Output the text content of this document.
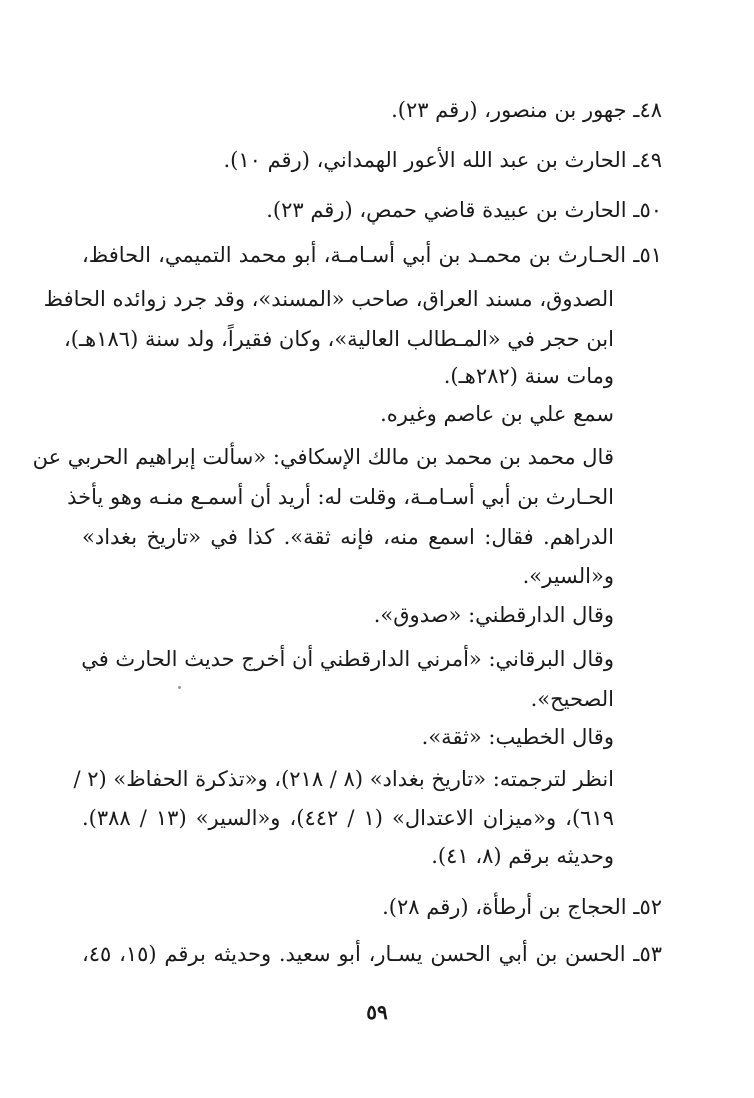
٤٨ـ جهور بن منصور، (رقم ٢٣).
٤٩ـ الحارث بن عبد الله الأعور الهمداني، (رقم ١٠).
٥٠ـ الحارث بن عبيدة قاضي حمص، (رقم ٢٣).
٥١ـ الحـارث بن محمـد بن أبي أسـامـة، أبو محمد التميمي، الحافظ،
الصدوق، مسند العراق، صاحب «المسند»، وقد جرد زوائده الحافظ
ابن حجر في «المـطالب العالية»، وكان فقيراً، ولد سنة (١٨٦هـ)،
ومات سنة (٢٨٢هـ).
سمع علي بن عاصم وغيره.
قال محمد بن محمد بن مالك الإسكافي: «سألت إبراهيم الحربي عن
الحـارث بن أبي أسـامـة، وقلت له: أريد أن أسمـع منـه وهو يأخذ
الدراهم. فقال: اسمع منه، فإنه ثقة». كذا في «تاريخ بغداد»
و«السير».
وقال الدارقطني: «صدوق».
وقال البرقاني: «أمرني الدارقطني أن أخرج حديث الحارث في
الصحيح».
وقال الخطيب: «ثقة».
انظر لترجمته: «تاريخ بغداد» (٨ / ٢١٨)، و«تذكرة الحفاظ» (٢ /
٦١٩)، و«ميزان الاعتدال» (١ / ٤٤٢)، و«السير» (١٣ / ٣٨٨).
وحديثه برقم (٨، ٤١).
٥٢ـ الحجاج بن أرطأة، (رقم ٢٨).
٥٣ـ الحسن بن أبي الحسن يسـار، أبو سعيد. وحديثه برقم (١٥، ٤٥،
٥٩
